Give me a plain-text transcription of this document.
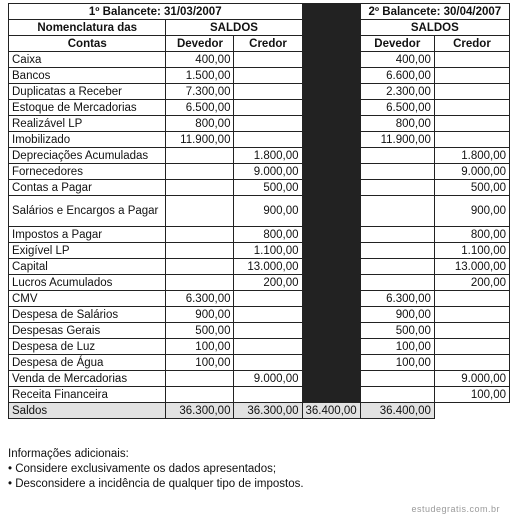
1º Balancete: 31/03/2007				2º Balancete: 30/04/2007	
Nomenclatura das	SALDOS			SALDOS	
Contas	Devedor	Credor		Devedor	Credor
Caixa	400,00			400,00	
Bancos	1.500,00			6.600,00	
Duplicatas a Receber	7.300,00			2.300,00	
Estoque de Mercadorias	6.500,00			6.500,00	
Realizável LP	800,00			800,00	
Imobilizado	11.900,00			11.900,00	
Depreciações Acumuladas		1.800,00			1.800,00
Fornecedores		9.000,00			9.000,00
Contas a Pagar		500,00			500,00
Salários e Encargos a Pagar		900,00			900,00
Impostos a Pagar		800,00			800,00
Exigível LP		1.100,00			1.100,00
Capital		13.000,00			13.000,00
Lucros Acumulados		200,00			200,00
CMV	6.300,00			6.300,00	
Despesa de Salários	900,00			900,00	
Despesas Gerais	500,00			500,00	
Despesa de Luz	100,00			100,00	
Despesa de Água	100,00			100,00	
Venda de Mercadorias		9.000,00			9.000,00
Receita Financeira					100,00
Saldos	36.300,00	36.300,00	36.400,00	36.400,00	
Informações adicionais:
• Considere exclusivamente os dados apresentados;
• Desconsidere a incidência de qualquer tipo de impostos.
estudegratis.com.br
